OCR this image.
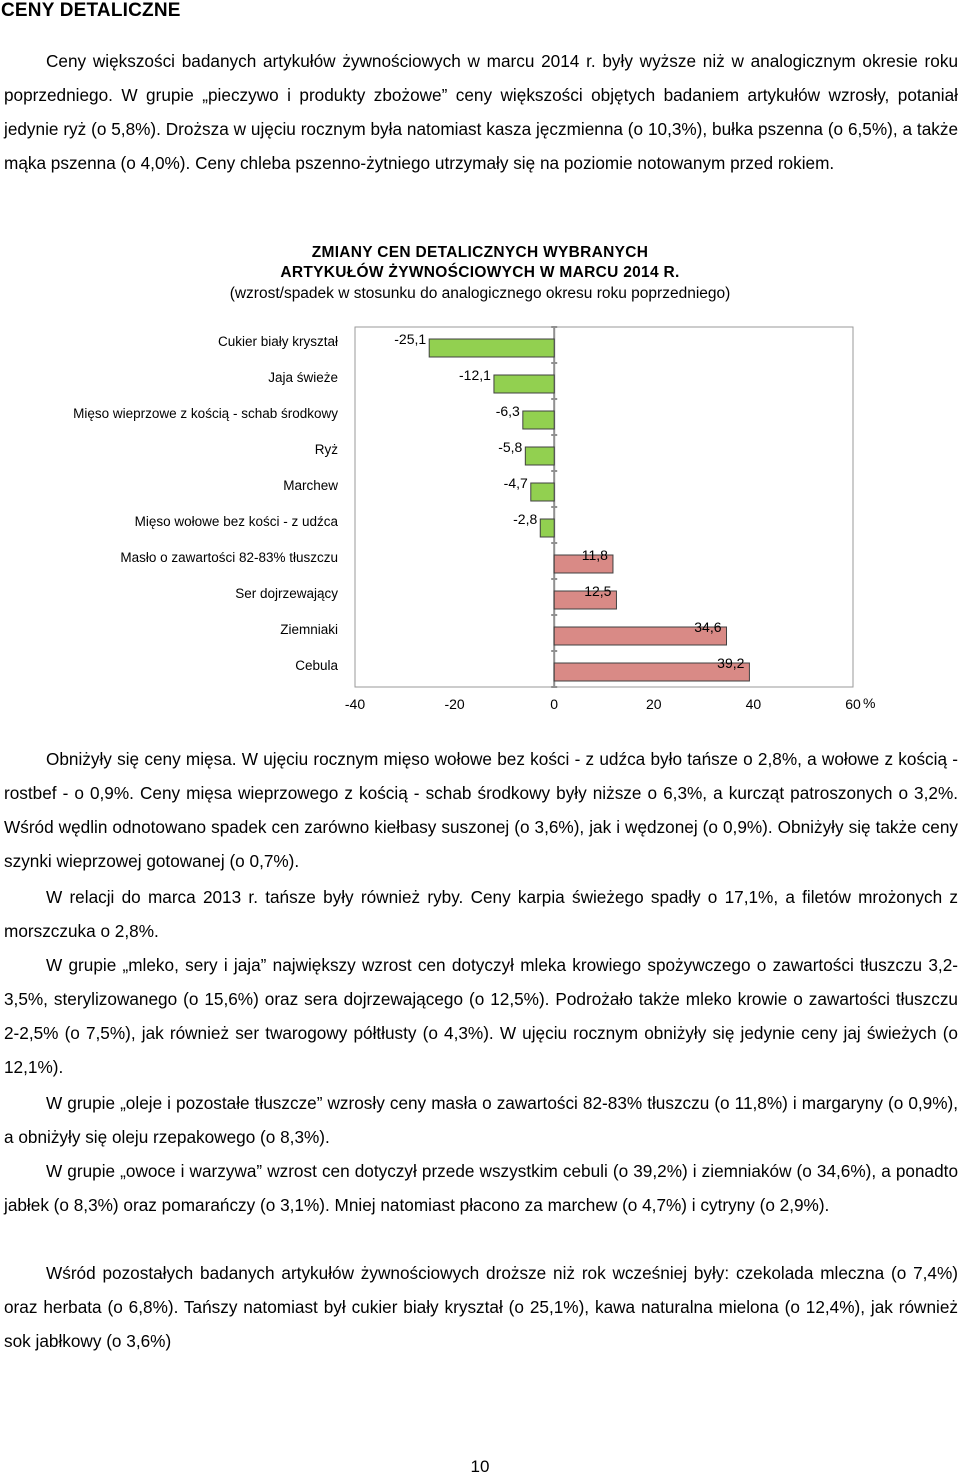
CENY DETALICZNE

Ceny większości badanych artykułów żywnościowych w marcu 2014 r. były wyższe niż w analogicznym okresie roku poprzedniego. W grupie „pieczywo i produkty zbożowe” ceny większości objętych badaniem artykułów wzrosły, potaniał jedynie ryż (o 5,8%). Droższa w ujęciu rocznym była natomiast kasza jęczmienna (o 10,3%), bułka pszenna (o 6,5%), a także mąka pszenna (o 4,0%). Ceny chleba pszenno-żytniego utrzymały się na poziomie notowanym przed rokiem.

ZMIANY CEN DETALICZNYCH WYBRANYCH
ARTYKUŁÓW ŻYWNOŚCIOWYCH W MARCU 2014 R.
(wzrost/spadek w stosunku do analogicznego okresu roku poprzedniego)
Cukier biały kryształ	-25,1
Jaja świeże	-12,1
Mięso wieprzowe z kością - schab środkowy	-6,3
Ryż	-5,8
Marchew	-4,7
Mięso wołowe bez kości - z udźca	-2,8
Masło o zawartości 82-83% tłuszczu	11,8
Ser dojrzewający	12,5
Ziemniaki	34,6
Cebula	39,2
-40	-20	0	20	40	60 %

Obniżyły się ceny mięsa. W ujęciu rocznym mięso wołowe bez kości - z udźca było tańsze o 2,8%, a wołowe z kością - rostbef - o 0,9%. Ceny mięsa wieprzowego z kością - schab środkowy były niższe o 6,3%, a kurcząt patroszonych o 3,2%. Wśród wędlin odnotowano spadek cen zarówno kiełbasy suszonej (o 3,6%), jak i wędzonej (o 0,9%). Obniżyły się także ceny szynki wieprzowej gotowanej (o 0,7%).

W relacji do marca 2013 r. tańsze były również ryby. Ceny karpia świeżego spadły o 17,1%, a filetów mrożonych z morszczuka o 2,8%.

W grupie „mleko, sery i jaja” największy wzrost cen dotyczył mleka krowiego spożywczego o zawartości tłuszczu 3,2-3,5%, sterylizowanego (o 15,6%) oraz sera dojrzewającego (o 12,5%). Podrożało także mleko krowie o zawartości tłuszczu 2-2,5% (o 7,5%), jak również ser twarogowy półtłusty (o 4,3%). W ujęciu rocznym obniżyły się jedynie ceny jaj świeżych (o 12,1%).

W grupie „oleje i pozostałe tłuszcze” wzrosły ceny masła o zawartości 82-83% tłuszczu (o 11,8%) i margaryny (o 0,9%), a obniżyły się oleju rzepakowego (o 8,3%).

W grupie „owoce i warzywa” wzrost cen dotyczył przede wszystkim cebuli (o 39,2%) i ziemniaków (o 34,6%), a ponadto jabłek (o 8,3%) oraz pomarańczy (o 3,1%). Mniej natomiast płacono za marchew (o 4,7%) i cytryny (o 2,9%).

Wśród pozostałych badanych artykułów żywnościowych droższe niż rok wcześniej były: czekolada mleczna (o 7,4%) oraz herbata (o 6,8%). Tańszy natomiast był cukier biały kryształ (o 25,1%), kawa naturalna mielona (o 12,4%), jak również sok jabłkowy (o 3,6%)

10
